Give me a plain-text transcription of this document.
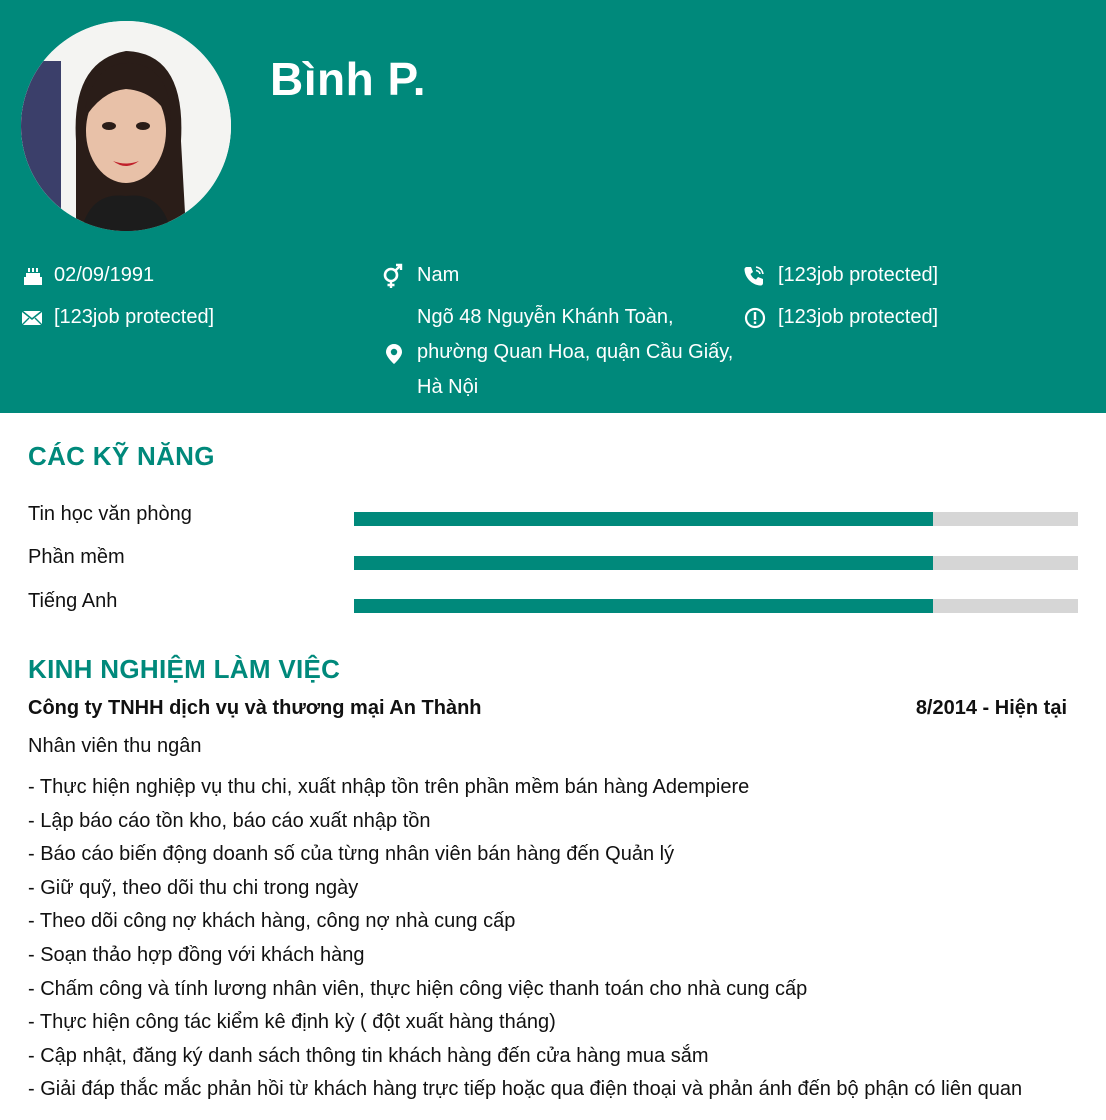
Bình P.
02/09/1991
[123job protected]
Nam
Ngõ 48 Nguyễn Khánh Toàn,
phường Quan Hoa, quận Cầu Giấy,
Hà Nội
[123job protected]
[123job protected]
CÁC KỸ NĂNG
Tin học văn phòng
Phần mềm
Tiếng Anh
KINH NGHIỆM LÀM VIỆC
Công ty TNHH dịch vụ và thương mại An Thành	8/2014 - Hiện tại
Nhân viên thu ngân
- Thực hiện nghiệp vụ thu chi, xuất nhập tồn trên phần mềm bán hàng Adempiere
- Lập báo cáo tồn kho, báo cáo xuất nhập tồn
- Báo cáo biến động doanh số của từng nhân viên bán hàng đến Quản lý
- Giữ quỹ, theo dõi thu chi trong ngày
- Theo dõi công nợ khách hàng, công nợ nhà cung cấp
- Soạn thảo hợp đồng với khách hàng
- Chấm công và tính lương nhân viên, thực hiện công việc thanh toán cho nhà cung cấp
- Thực hiện công tác kiểm kê định kỳ ( đột xuất hàng tháng)
- Cập nhật, đăng ký danh sách thông tin khách hàng đến cửa hàng mua sắm
- Giải đáp thắc mắc phản hồi từ khách hàng trực tiếp hoặc qua điện thoại và phản ánh đến bộ phận có liên quan
